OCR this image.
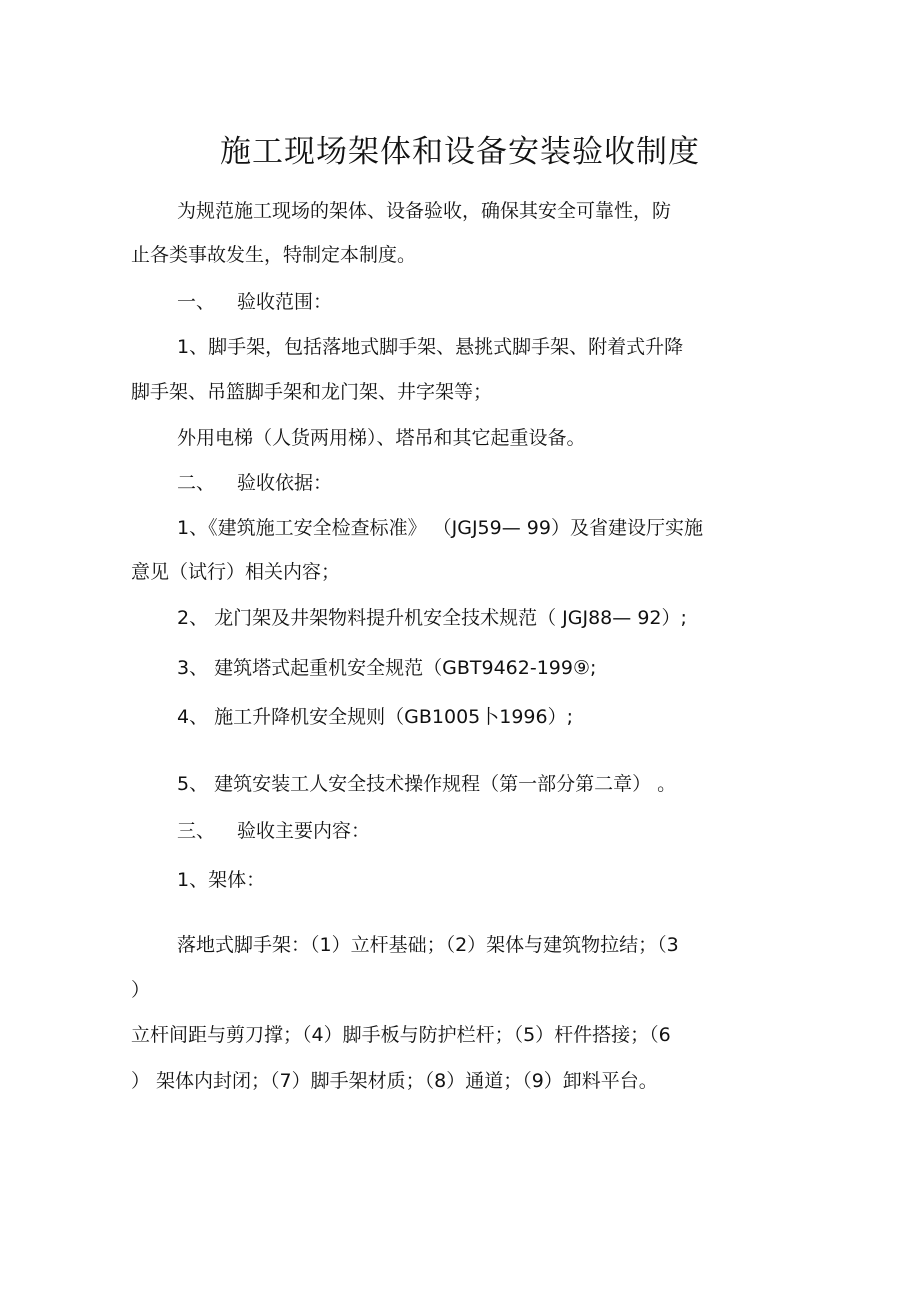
施工现场架体和设备安装验收制度
为规范施工现场的架体、设备验收，确保其安全可靠性，防
止各类事故发生，特制定本制度。
一、 验收范围：
1、脚手架，包括落地式脚手架、悬挑式脚手架、附着式升降
脚手架、吊篮脚手架和龙门架、井字架等；
外用电梯（人货两用梯）、塔吊和其它起重设备。
二、 验收依据：
1、《建筑施工安全检查标准》 （JGJ59— 99）及省建设厅实施
意见（试行）相关内容；
2、 龙门架及井架物料提升机安全技术规范（ JGJ88— 92）;
3、 建筑塔式起重机安全规范（GBT9462-199⑨;
4、 施工升降机安全规则（GB1005卜1996）;
5、 建筑安装工人安全技术操作规程（第一部分第二章） 。
三、 验收主要内容：
1、架体：
落地式脚手架：（1）立杆基础；（2）架体与建筑物拉结；（3
）
立杆间距与剪刀撑；（4）脚手板与防护栏杆；（5）杆件搭接；（6
） 架体内封闭；（7）脚手架材质；（8）通道；（9）卸料平台。
